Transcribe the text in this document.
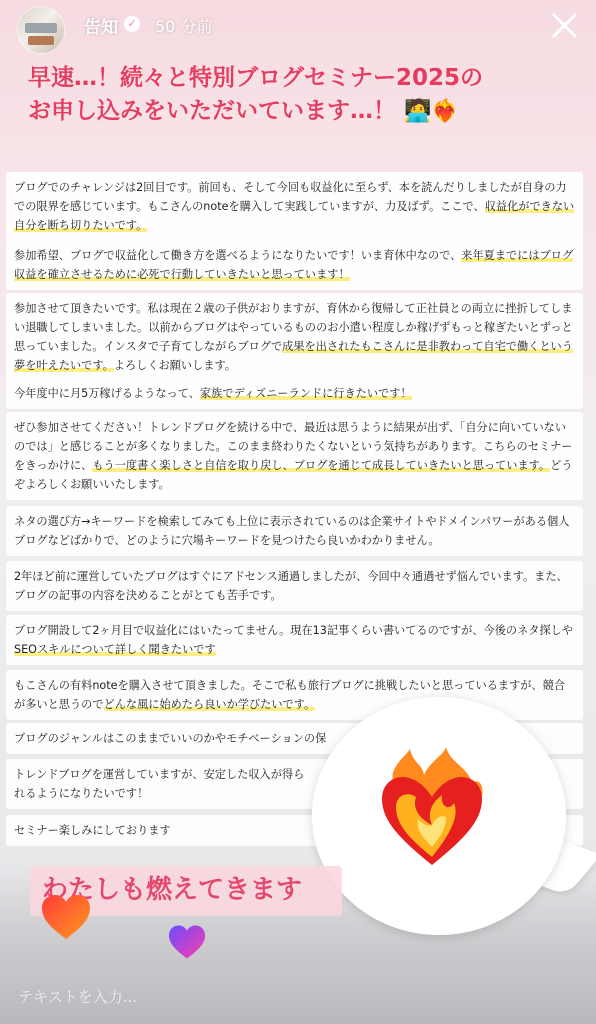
告知 ✓ 50 分前
早速…！続々と特別ブログセミナー2025の
お申し込みをいただいています…！ 🧑‍💻❤️‍🔥
ブログでのチャレンジは2回目です。前回も、そして今回も収益化に至らず、本を読んだりしましたが自身の力での限界を感じています。もこさんのnoteを購入して実践していますが、力及ばず。ここで、収益化ができない自分を断ち切りたいです。
参加希望、ブログで収益化して働き方を選べるようになりたいです！いま育休中なので、来年夏までにはブログ収益を確立させるために必死で行動していきたいと思っています！
参加させて頂きたいです。私は現在２歳の子供がおりますが、育休から復帰して正社員との両立に挫折してしまい退職してしまいました。以前からブログはやっているもののお小遣い程度しか稼げずもっと稼ぎたいとずっと思っていました。インスタで子育てしながらブログで成果を出されたもこさんに是非教わって自宅で働くという夢を叶えたいです。よろしくお願いします。
今年度中に月5万稼げるようなって、家族でディズニーランドに行きたいです！
ぜひ参加させてください！トレンドブログを続ける中で、最近は思うように結果が出ず、「自分に向いていないのでは」と感じることが多くなりました。このまま終わりたくないという気持ちがあります。こちらのセミナーをきっかけに、もう一度書く楽しさと自信を取り戻し、ブログを通じて成長していきたいと思っています。どうぞよろしくお願いいたします。
ネタの選び方→キーワードを検索してみても上位に表示されているのは企業サイトやドメインパワーがある個人ブログなどばかりで、どのように穴場キーワードを見つけたら良いかわかりません。
2年ほど前に運営していたブログはすぐにアドセンス通過しましたが、今回中々通過せず悩んでいます。また、ブログの記事の内容を決めることがとても苦手です。
ブログ開設して2ヶ月目で収益化にはいたってません。現在13記事くらい書いてるのですが、今後のネタ探しやSEOスキルについて詳しく聞きたいです
もこさんの有料noteを購入させて頂きました。そこで私も旅行ブログに挑戦したいと思っているますが、競合が多いと思うのでどんな風に始めたら良いか学びたいです。
ブログのジャンルはこのままでいいのかやモチベーションの保
トレンドブログを運営していますが、安定した収入が得ら
れるようになりたいです！
セミナー楽しみにしております
わたしも燃えてきます
テキストを入力...
